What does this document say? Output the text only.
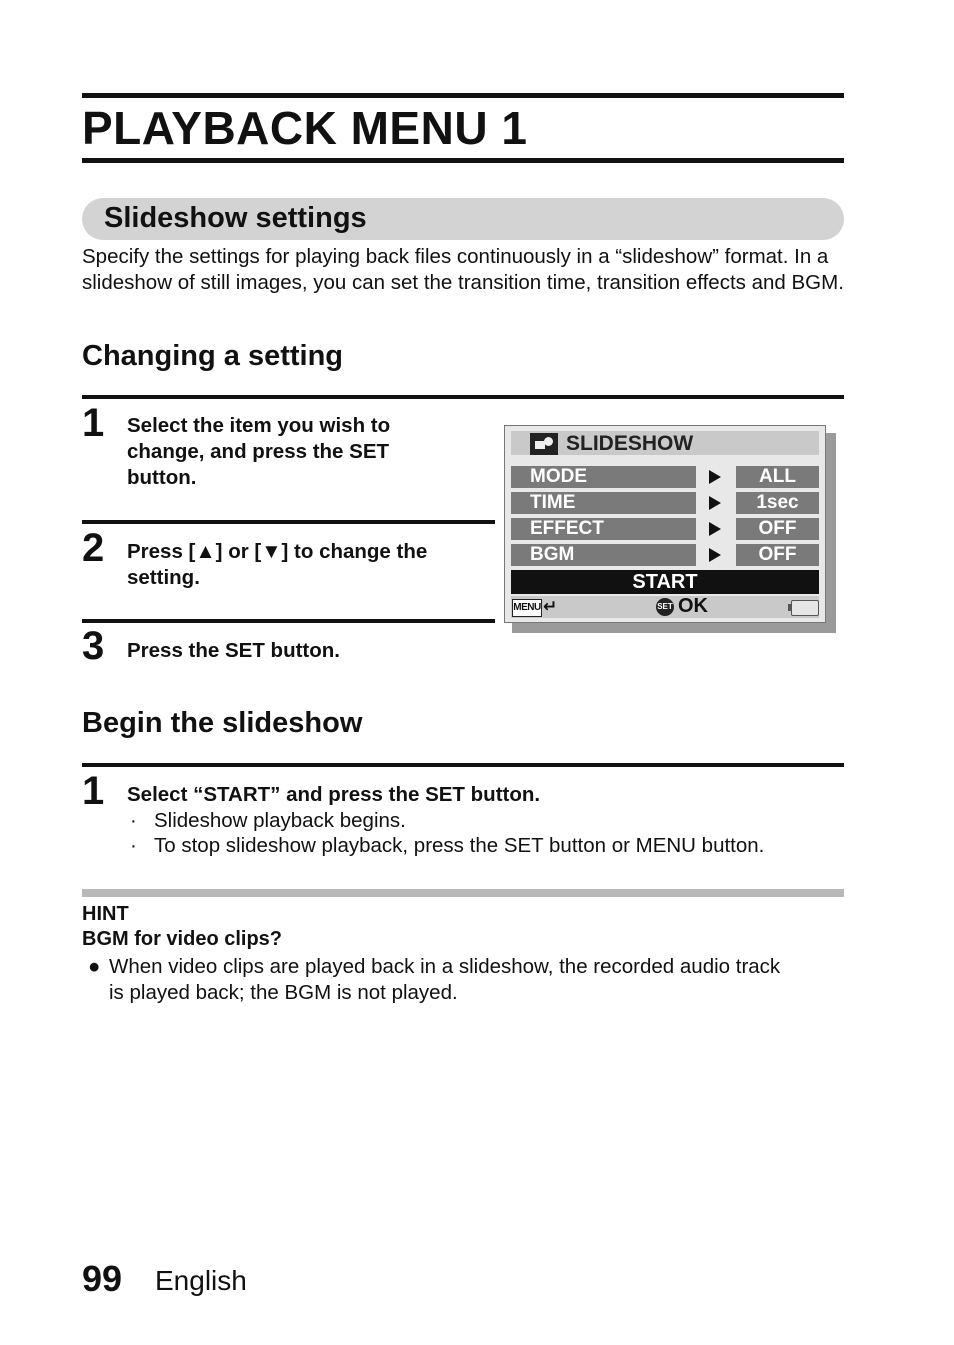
PLAYBACK MENU 1
Slideshow settings
Specify the settings for playing back files continuously in a “slideshow” format. In a slideshow of still images, you can set the transition time, transition effects and BGM.
Changing a setting
1 Select the item you wish to
change, and press the SET
button.
2 Press [▲] or [▼] to change the
setting.
3 Press the SET button.
SLIDESHOW
MODE	ALL
TIME	1sec
EFFECT	OFF
BGM	OFF
START
MENU ↵	SET OK
Begin the slideshow
1 Select “START” and press the SET button.
· Slideshow playback begins.
· To stop slideshow playback, press the SET button or MENU button.
HINT
BGM for video clips?
● When video clips are played back in a slideshow, the recorded audio track
is played back; the BGM is not played.
99 English
